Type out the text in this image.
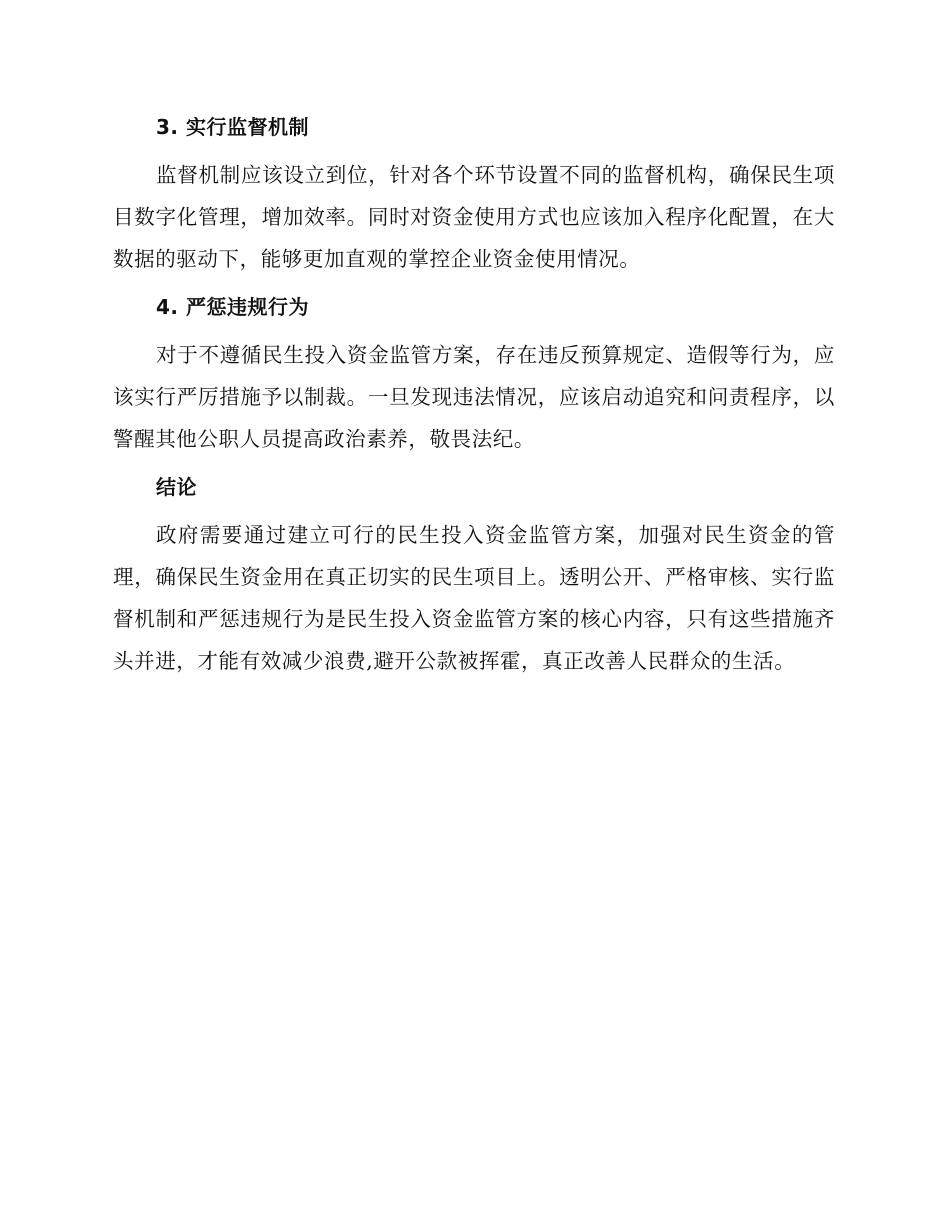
3. 实行监督机制

监督机制应该设立到位，针对各个环节设置不同的监督机构，确保民生项目数字化管理，增加效率。同时对资金使用方式也应该加入程序化配置，在大数据的驱动下，能够更加直观的掌控企业资金使用情况。

4. 严惩违规行为

对于不遵循民生投入资金监管方案，存在违反预算规定、造假等行为，应该实行严厉措施予以制裁。一旦发现违法情况，应该启动追究和问责程序，以警醒其他公职人员提高政治素养，敬畏法纪。

结论

政府需要通过建立可行的民生投入资金监管方案，加强对民生资金的管理，确保民生资金用在真正切实的民生项目上。透明公开、严格审核、实行监督机制和严惩违规行为是民生投入资金监管方案的核心内容，只有这些措施齐头并进，才能有效减少浪费,避开公款被挥霍，真正改善人民群众的生活。
